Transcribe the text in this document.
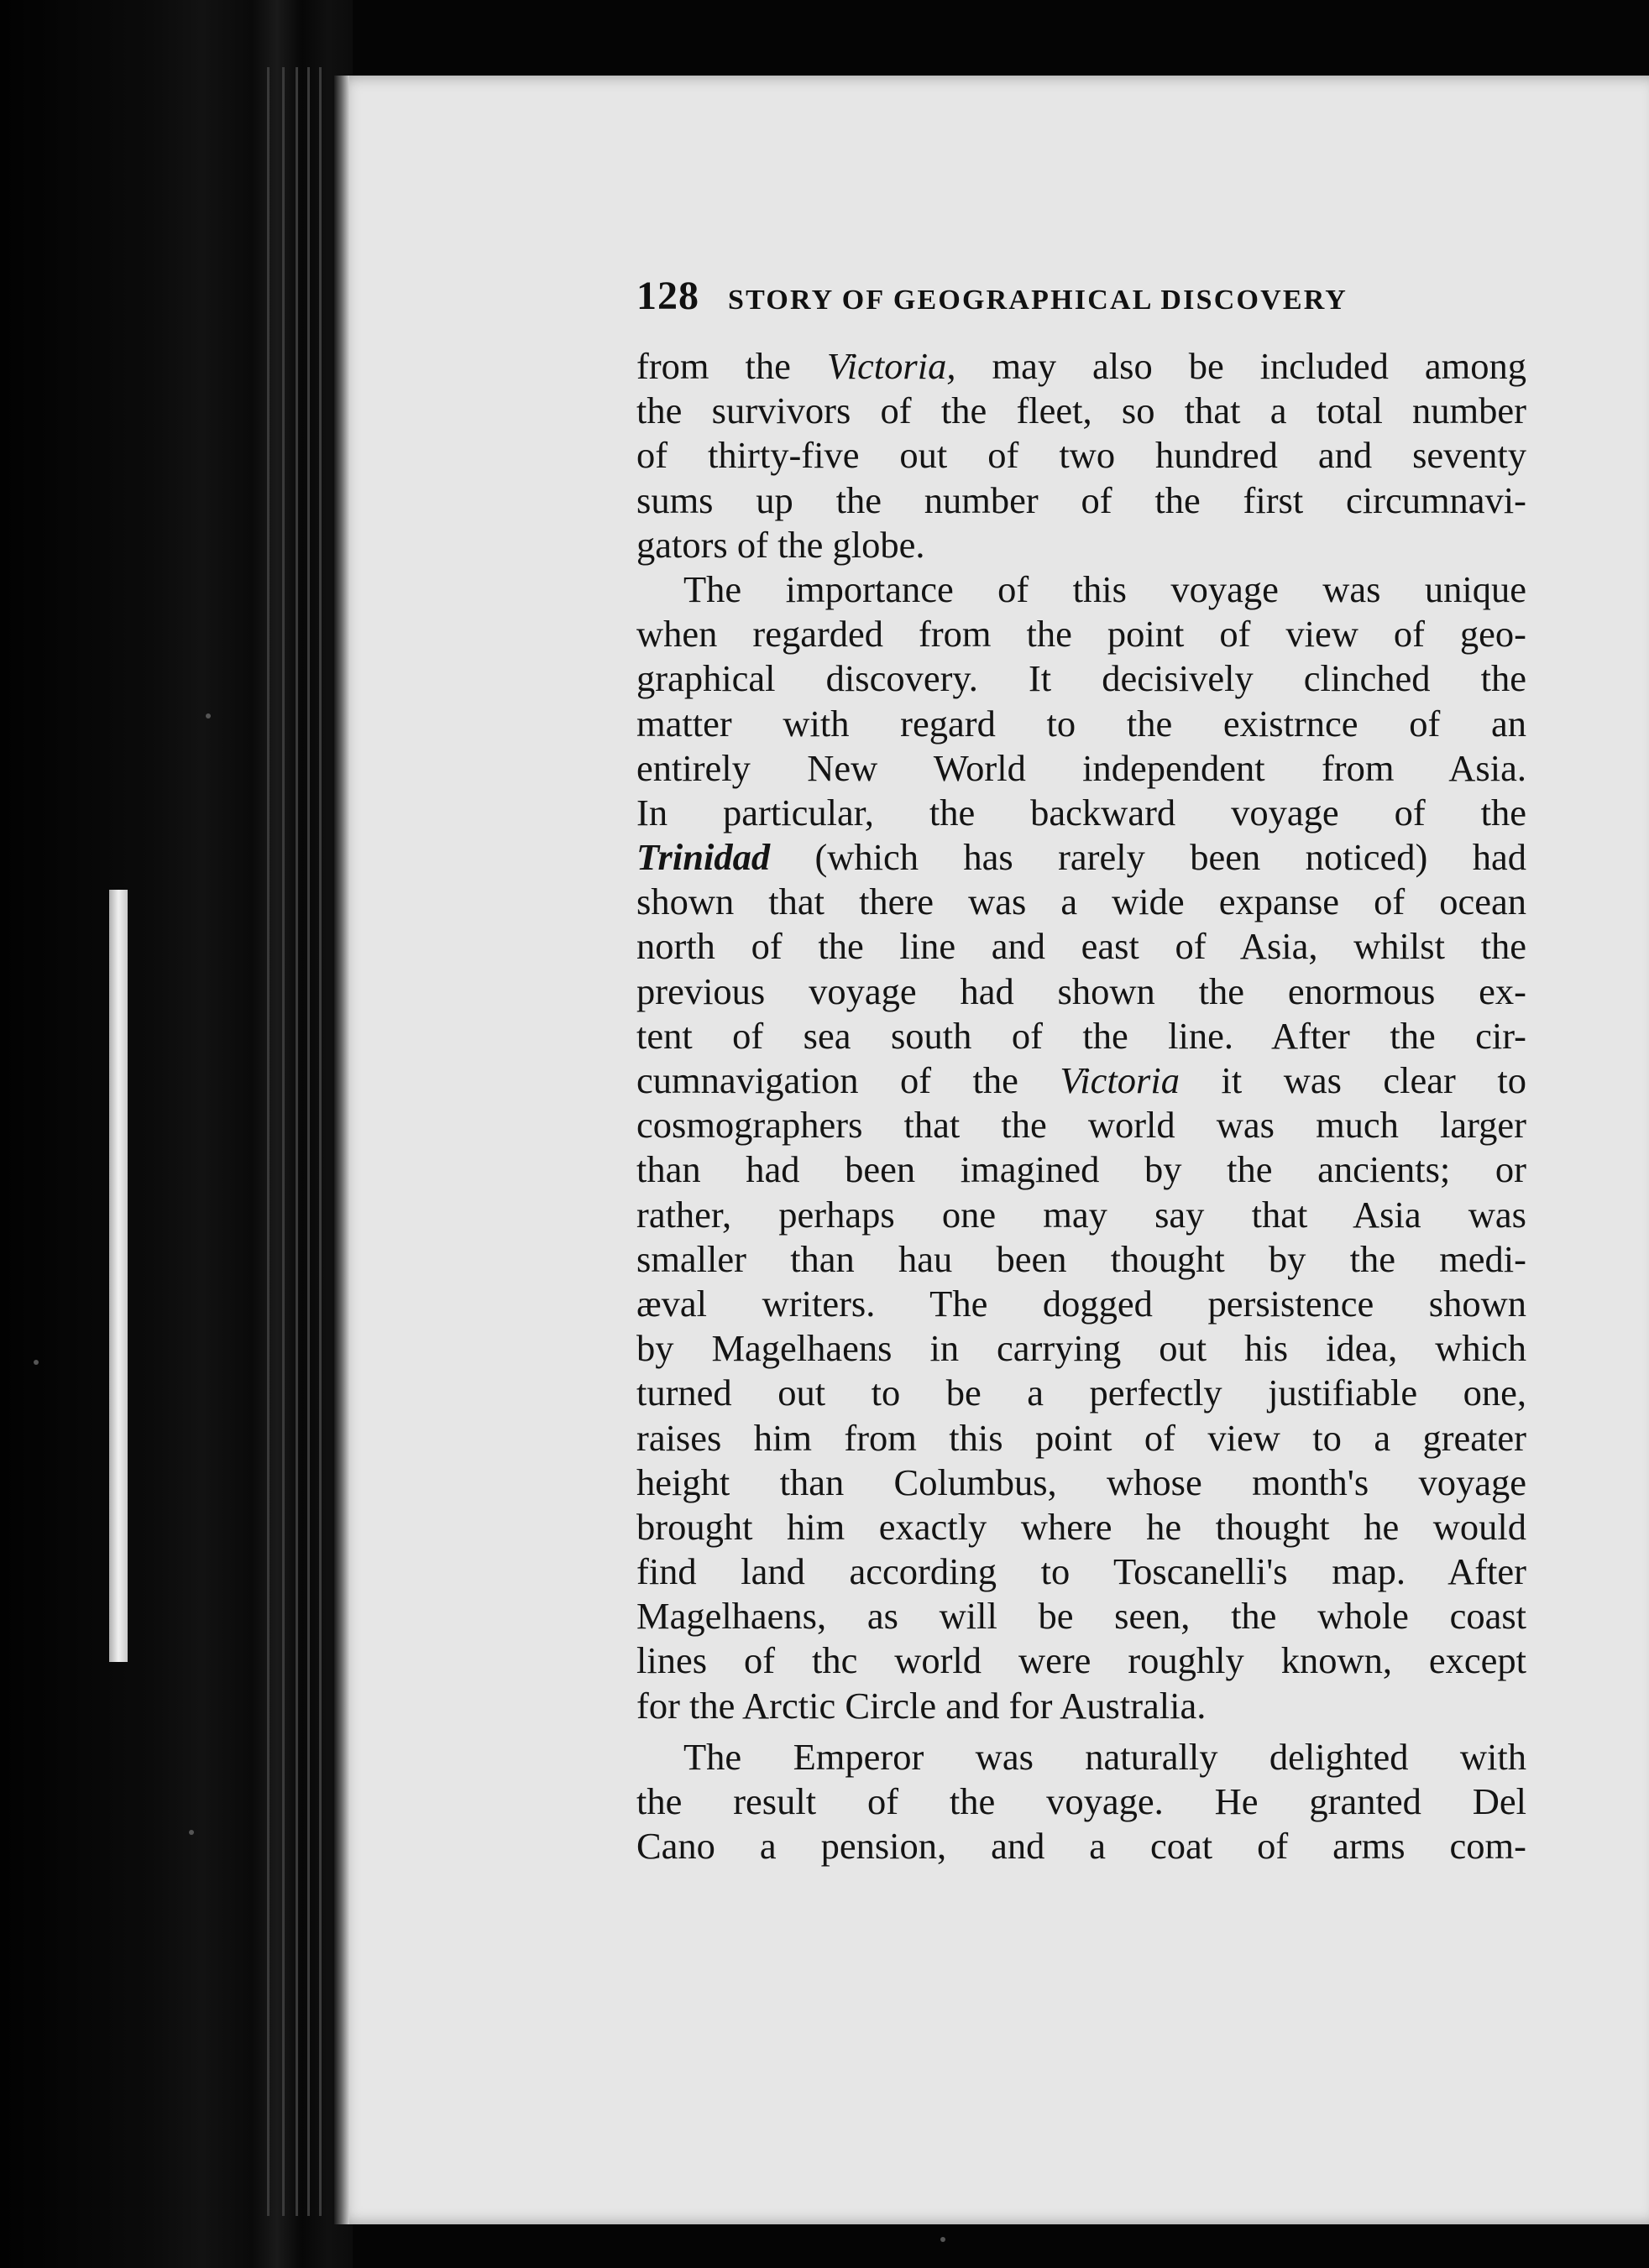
128 STORY OF GEOGRAPHICAL DISCOVERY
from the Victoria, may also be included among
the survivors of the fleet, so that a total number
of thirty-five out of two hundred and seventy
sums up the number of the first circumnavi-
gators of the globe.
The importance of this voyage was unique
when regarded from the point of view of geo-
graphical discovery. It decisively clinched the
matter with regard to the existrnce of an
entirely New World independent from Asia.
In particular, the backward voyage of the
Trinidad (which has rarely been noticed) had
shown that there was a wide expanse of ocean
north of the line and east of Asia, whilst the
previous voyage had shown the enormous ex-
tent of sea south of the line. After the cir-
cumnavigation of the Victoria it was clear to
cosmographers that the world was much larger
than had been imagined by the ancients; or
rather, perhaps one may say that Asia was
smaller than hau been thought by the medi-
æval writers. The dogged persistence shown
by Magelhaens in carrying out his idea, which
turned out to be a perfectly justifiable one,
raises him from this point of view to a greater
height than Columbus, whose month's voyage
brought him exactly where he thought he would
find land according to Toscanelli's map. After
Magelhaens, as will be seen, the whole coast
lines of thc world were roughly known, except
for the Arctic Circle and for Australia.
The Emperor was naturally delighted with
the result of the voyage. He granted Del
Cano a pension, and a coat of arms com-
